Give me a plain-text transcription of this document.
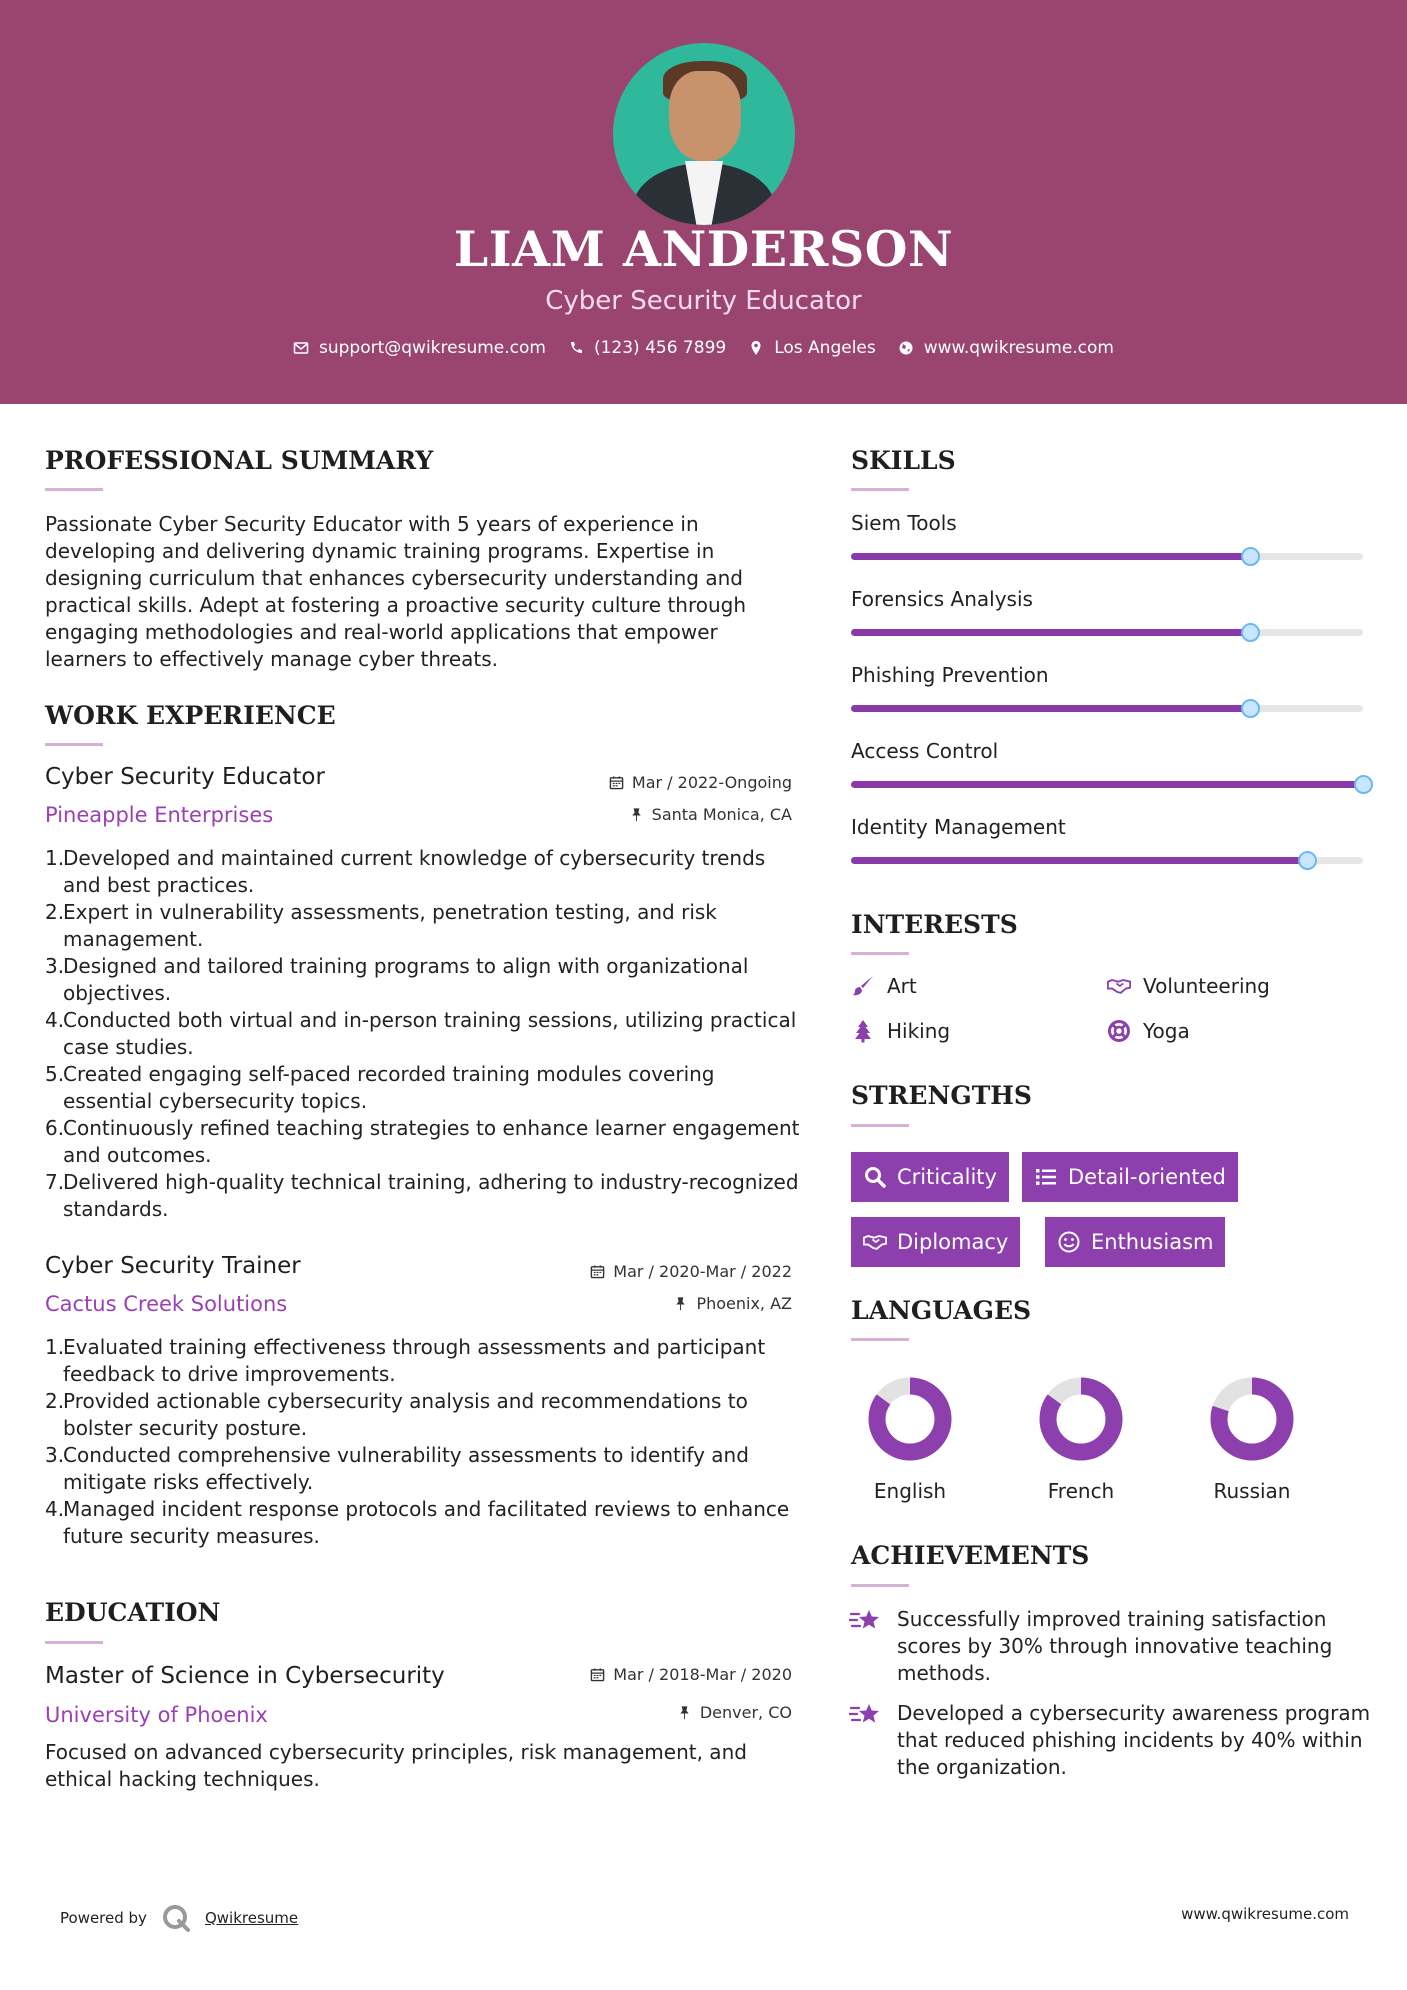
LIAM ANDERSON
Cyber Security Educator
support@qwikresume.com	(123) 456 7899	Los Angeles	www.qwikresume.com
PROFESSIONAL SUMMARY
Passionate Cyber Security Educator with 5 years of experience in developing and delivering dynamic training programs. Expertise in designing curriculum that enhances cybersecurity understanding and practical skills. Adept at fostering a proactive security culture through engaging methodologies and real-world applications that empower learners to effectively manage cyber threats.
WORK EXPERIENCE
Cyber Security Educator
Pineapple Enterprises
Mar / 2022-Ongoing
Santa Monica, CA
1.
Developed and maintained current knowledge of cybersecurity trends and best practices.
2.
Expert in vulnerability assessments, penetration testing, and risk management.
3.
Designed and tailored training programs to align with organizational objectives.
4.
Conducted both virtual and in-person training sessions, utilizing practical case studies.
5.
Created engaging self-paced recorded training modules covering essential cybersecurity topics.
6.
Continuously refined teaching strategies to enhance learner engagement and outcomes.
7.
Delivered high-quality technical training, adhering to industry-recognized standards.
Cyber Security Trainer
Cactus Creek Solutions
Mar / 2020-Mar / 2022
Phoenix, AZ
1.
Evaluated training effectiveness through assessments and participant feedback to drive improvements.
2.
Provided actionable cybersecurity analysis and recommendations to bolster security posture.
3.
Conducted comprehensive vulnerability assessments to identify and mitigate risks effectively.
4.
Managed incident response protocols and facilitated reviews to enhance future security measures.
EDUCATION
Master of Science in Cybersecurity
University of Phoenix
Mar / 2018-Mar / 2020
Denver, CO
Focused on advanced cybersecurity principles, risk management, and ethical hacking techniques.
SKILLS
Siem Tools
Forensics Analysis
Phishing Prevention
Access Control
Identity Management
INTERESTS
Art	Volunteering
Hiking	Yoga
STRENGTHS
Criticality	Detail-oriented
Diplomacy	Enthusiasm
LANGUAGES
English	French	Russian
ACHIEVEMENTS
Successfully improved training satisfaction scores by 30% through innovative teaching methods.
Developed a cybersecurity awareness program that reduced phishing incidents by 40% within the organization.
Powered by	Qwikresume	www.qwikresume.com
